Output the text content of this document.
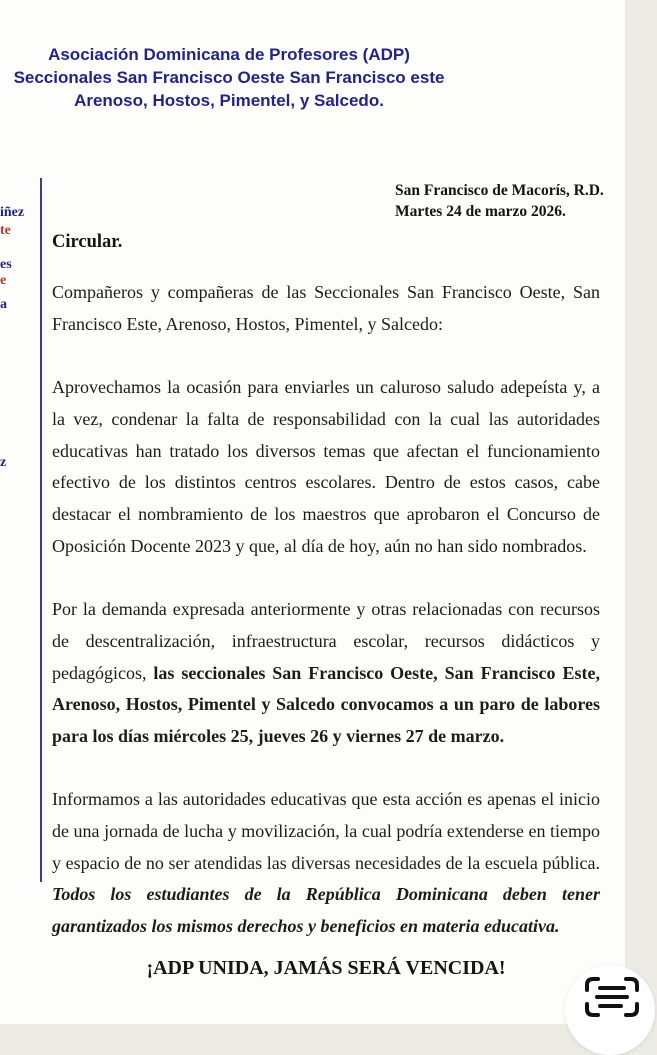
Asociación Dominicana de Profesores (ADP)
Seccionales San Francisco Oeste San Francisco este
Arenoso, Hostos, Pimentel, y Salcedo.
San Francisco de Macorís, R.D.
Martes 24 de marzo 2026.
iñez
te
es
e
a
z
Circular.

Compañeros y compañeras de las Seccionales San Francisco Oeste, San Francisco Este, Arenoso, Hostos, Pimentel, y Salcedo:

Aprovechamos la ocasión para enviarles un caluroso saludo adepeísta y, a la vez, condenar la falta de responsabilidad con la cual las autoridades educativas han tratado los diversos temas que afectan el funcionamiento efectivo de los distintos centros escolares. Dentro de estos casos, cabe destacar el nombramiento de los maestros que aprobaron el Concurso de Oposición Docente 2023 y que, al día de hoy, aún no han sido nombrados.

Por la demanda expresada anteriormente y otras relacionadas con recursos de descentralización, infraestructura escolar, recursos didácticos y pedagógicos, las seccionales San Francisco Oeste, San Francisco Este, Arenoso, Hostos, Pimentel y Salcedo convocamos a un paro de labores para los días miércoles 25, jueves 26 y viernes 27 de marzo.

Informamos a las autoridades educativas que esta acción es apenas el inicio de una jornada de lucha y movilización, la cual podría extenderse en tiempo y espacio de no ser atendidas las diversas necesidades de la escuela pública. Todos los estudiantes de la República Dominicana deben tener garantizados los mismos derechos y beneficios en materia educativa.

¡ADP UNIDA, JAMÁS SERÁ VENCIDA!
